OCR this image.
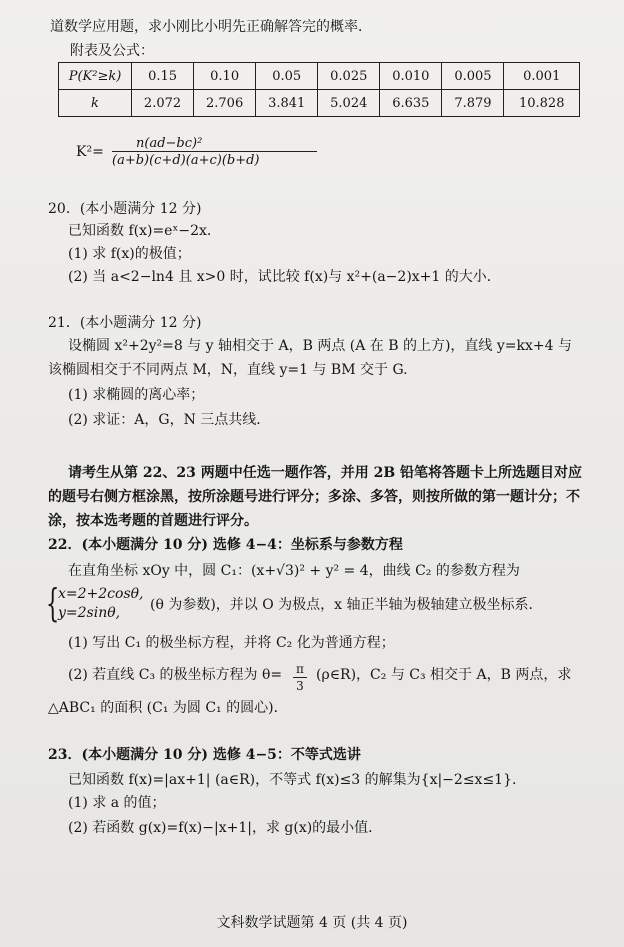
道数学应用题，求小刚比小明先正确解答完的概率．
附表及公式：
P(K²≥k)	0.15	0.10	0.05	0.025	0.010	0.005	0.001
k	2.072	2.706	3.841	5.024	6.635	7.879	10.828
K²=
n(ad−bc)²
(a+b)(c+d)(a+c)(b+d)
20．(本小题满分 12 分)
已知函数 f(x)=eˣ−2x.
(1) 求 f(x)的极值；
(2) 当 a<2−ln4 且 x>0 时，试比较 f(x)与 x²+(a−2)x+1 的大小．
21．(本小题满分 12 分)
设椭圆 x²+2y²=8 与 y 轴相交于 A，B 两点 (A 在 B 的上方)，直线 y=kx+4 与
该椭圆相交于不同两点 M，N，直线 y=1 与 BM 交于 G.
(1) 求椭圆的离心率；
(2) 求证：A，G，N 三点共线．
请考生从第 22、23 两题中任选一题作答，并用 2B 铅笔将答题卡上所选题目对应
的题号右侧方框涂黑，按所涂题号进行评分；多涂、多答，则按所做的第一题计分；不
涂，按本选考题的首题进行评分。
22．(本小题满分 10 分) 选修 4−4：坐标系与参数方程
在直角坐标 xOy 中，圆 C₁：(x+√3)² + y² = 4，曲线 C₂ 的参数方程为
{
x=2+2cosθ,
y=2sinθ, (θ 为参数)，并以 O 为极点，x 轴正半轴为极轴建立极坐标系．
(1) 写出 C₁ 的极坐标方程，并将 C₂ 化为普通方程；
(2) 若直线 C₃ 的极坐标方程为 θ= π
3
(ρ∈R)，C₂ 与 C₃ 相交于 A，B 两点，求
△ABC₁ 的面积 (C₁ 为圆 C₁ 的圆心)．
23．(本小题满分 10 分) 选修 4−5：不等式选讲
已知函数 f(x)=|ax+1| (a∈R)，不等式 f(x)≤3 的解集为{x|−2≤x≤1}.
(1) 求 a 的值；
(2) 若函数 g(x)=f(x)−|x+1|，求 g(x)的最小值．
文科数学试题第 4 页 (共 4 页)
